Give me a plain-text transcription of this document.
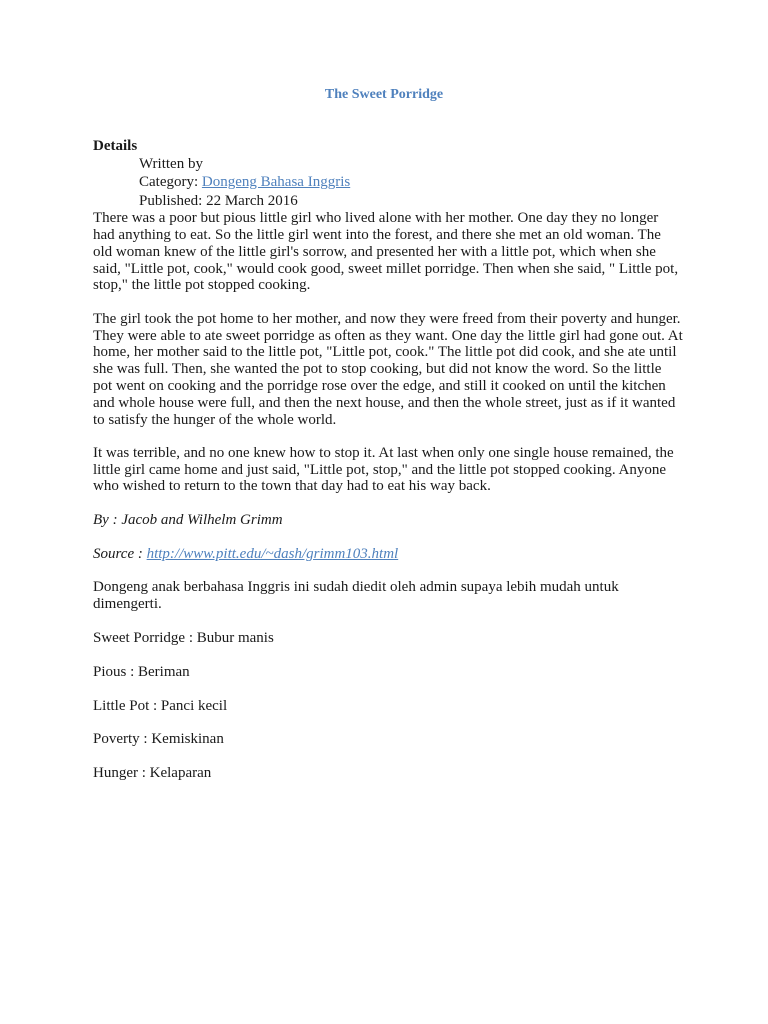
The Sweet Porridge
Details
Written by
Category: Dongeng Bahasa Inggris
Published: 22 March 2016

There was a poor but pious little girl who lived alone with her mother. One day they no longer had anything to eat. So the little girl went into the forest, and there she met an old woman. The old woman knew of the little girl's sorrow, and presented her with a little pot, which when she said, "Little pot, cook," would cook good, sweet millet porridge. Then when she said, " Little pot, stop," the little pot stopped cooking.

The girl took the pot home to her mother, and now they were freed from their poverty and hunger. They were able to ate sweet porridge as often as they want. One day the little girl had gone out. At home, her mother said to the little pot, "Little pot, cook." The little pot did cook, and she ate until she was full. Then, she wanted the pot to stop cooking, but did not know the word. So the little pot went on cooking and the porridge rose over the edge, and still it cooked on until the kitchen and whole house were full, and then the next house, and then the whole street, just as if it wanted to satisfy the hunger of the whole world.

It was terrible, and no one knew how to stop it. At last when only one single house remained, the little girl came home and just said, "Little pot, stop," and the little pot stopped cooking. Anyone who wished to return to the town that day had to eat his way back.

By : Jacob and Wilhelm Grimm

Source : http://www.pitt.edu/~dash/grimm103.html

Dongeng anak berbahasa Inggris ini sudah diedit oleh admin supaya lebih mudah untuk dimengerti.

Sweet Porridge : Bubur manis

Pious : Beriman

Little Pot : Panci kecil

Poverty : Kemiskinan

Hunger : Kelaparan
